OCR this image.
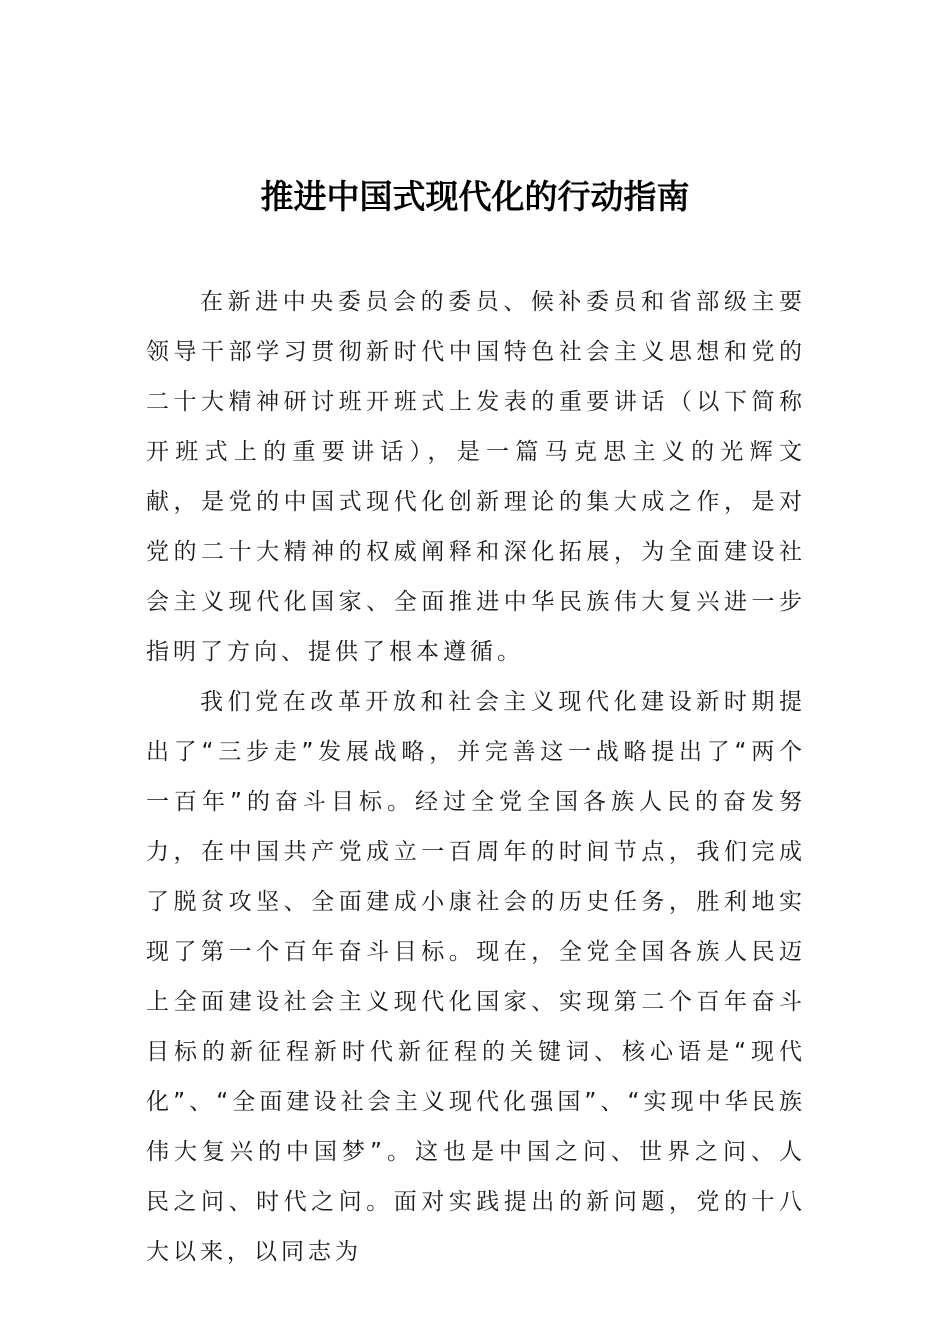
推进中国式现代化的行动指南

在新进中央委员会的委员、候补委员和省部级主要领导干部学习贯彻新时代中国特色社会主义思想和党的二十大精神研讨班开班式上发表的重要讲话（以下简称开班式上的重要讲话），是一篇马克思主义的光辉文献，是党的中国式现代化创新理论的集大成之作，是对党的二十大精神的权威阐释和深化拓展，为全面建设社会主义现代化国家、全面推进中华民族伟大复兴进一步指明了方向、提供了根本遵循。

我们党在改革开放和社会主义现代化建设新时期提出了“三步走”发展战略，并完善这一战略提出了“两个一百年”的奋斗目标。经过全党全国各族人民的奋发努力，在中国共产党成立一百周年的时间节点，我们完成了脱贫攻坚、全面建成小康社会的历史任务，胜利地实现了第一个百年奋斗目标。现在，全党全国各族人民迈上全面建设社会主义现代化国家、实现第二个百年奋斗目标的新征程新时代新征程的关键词、核心语是“现代化”、“全面建设社会主义现代化强国”、“实现中华民族伟大复兴的中国梦”。这也是中国之问、世界之问、人民之问、时代之问。面对实践提出的新问题，党的十八大以来，以同志为
